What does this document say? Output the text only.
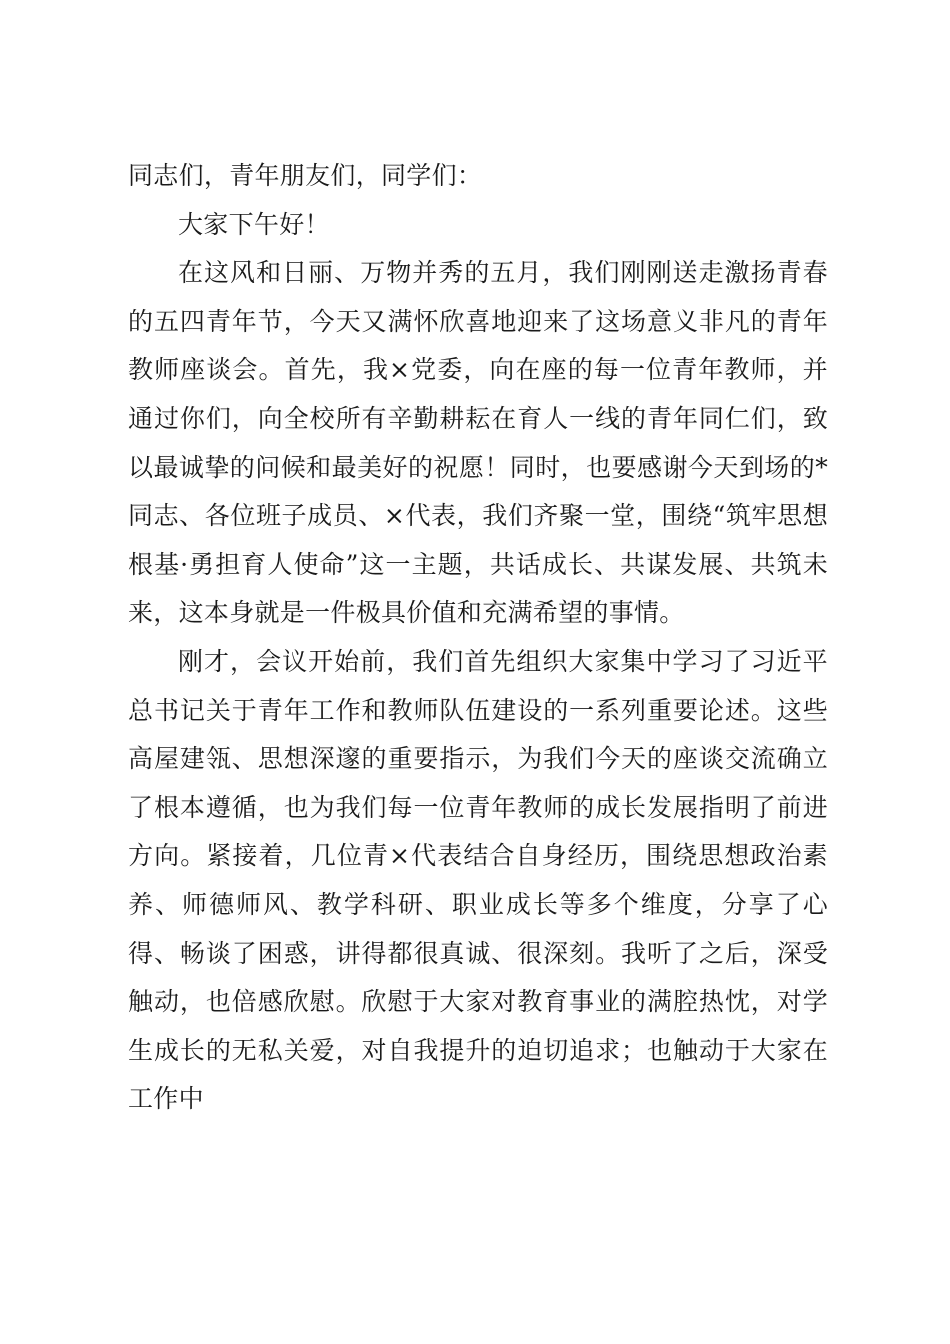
同志们，青年朋友们，同学们：

大家下午好！

在这风和日丽、万物并秀的五月，我们刚刚送走激扬青春的五四青年节，今天又满怀欣喜地迎来了这场意义非凡的青年教师座谈会。首先，我×党委，向在座的每一位青年教师，并通过你们，向全校所有辛勤耕耘在育人一线的青年同仁们，致以最诚挚的问候和最美好的祝愿！同时，也要感谢今天到场的*同志、各位班子成员、×代表，我们齐聚一堂，围绕“筑牢思想根基·勇担育人使命”这一主题，共话成长、共谋发展、共筑未来，这本身就是一件极具价值和充满希望的事情。

刚才，会议开始前，我们首先组织大家集中学习了习近平总书记关于青年工作和教师队伍建设的一系列重要论述。这些高屋建瓴、思想深邃的重要指示，为我们今天的座谈交流确立了根本遵循，也为我们每一位青年教师的成长发展指明了前进方向。紧接着，几位青×代表结合自身经历，围绕思想政治素养、师德师风、教学科研、职业成长等多个维度，分享了心得、畅谈了困惑，讲得都很真诚、很深刻。我听了之后，深受触动，也倍感欣慰。欣慰于大家对教育事业的满腔热忱，对学生成长的无私关爱，对自我提升的迫切追求；也触动于大家在工作中
